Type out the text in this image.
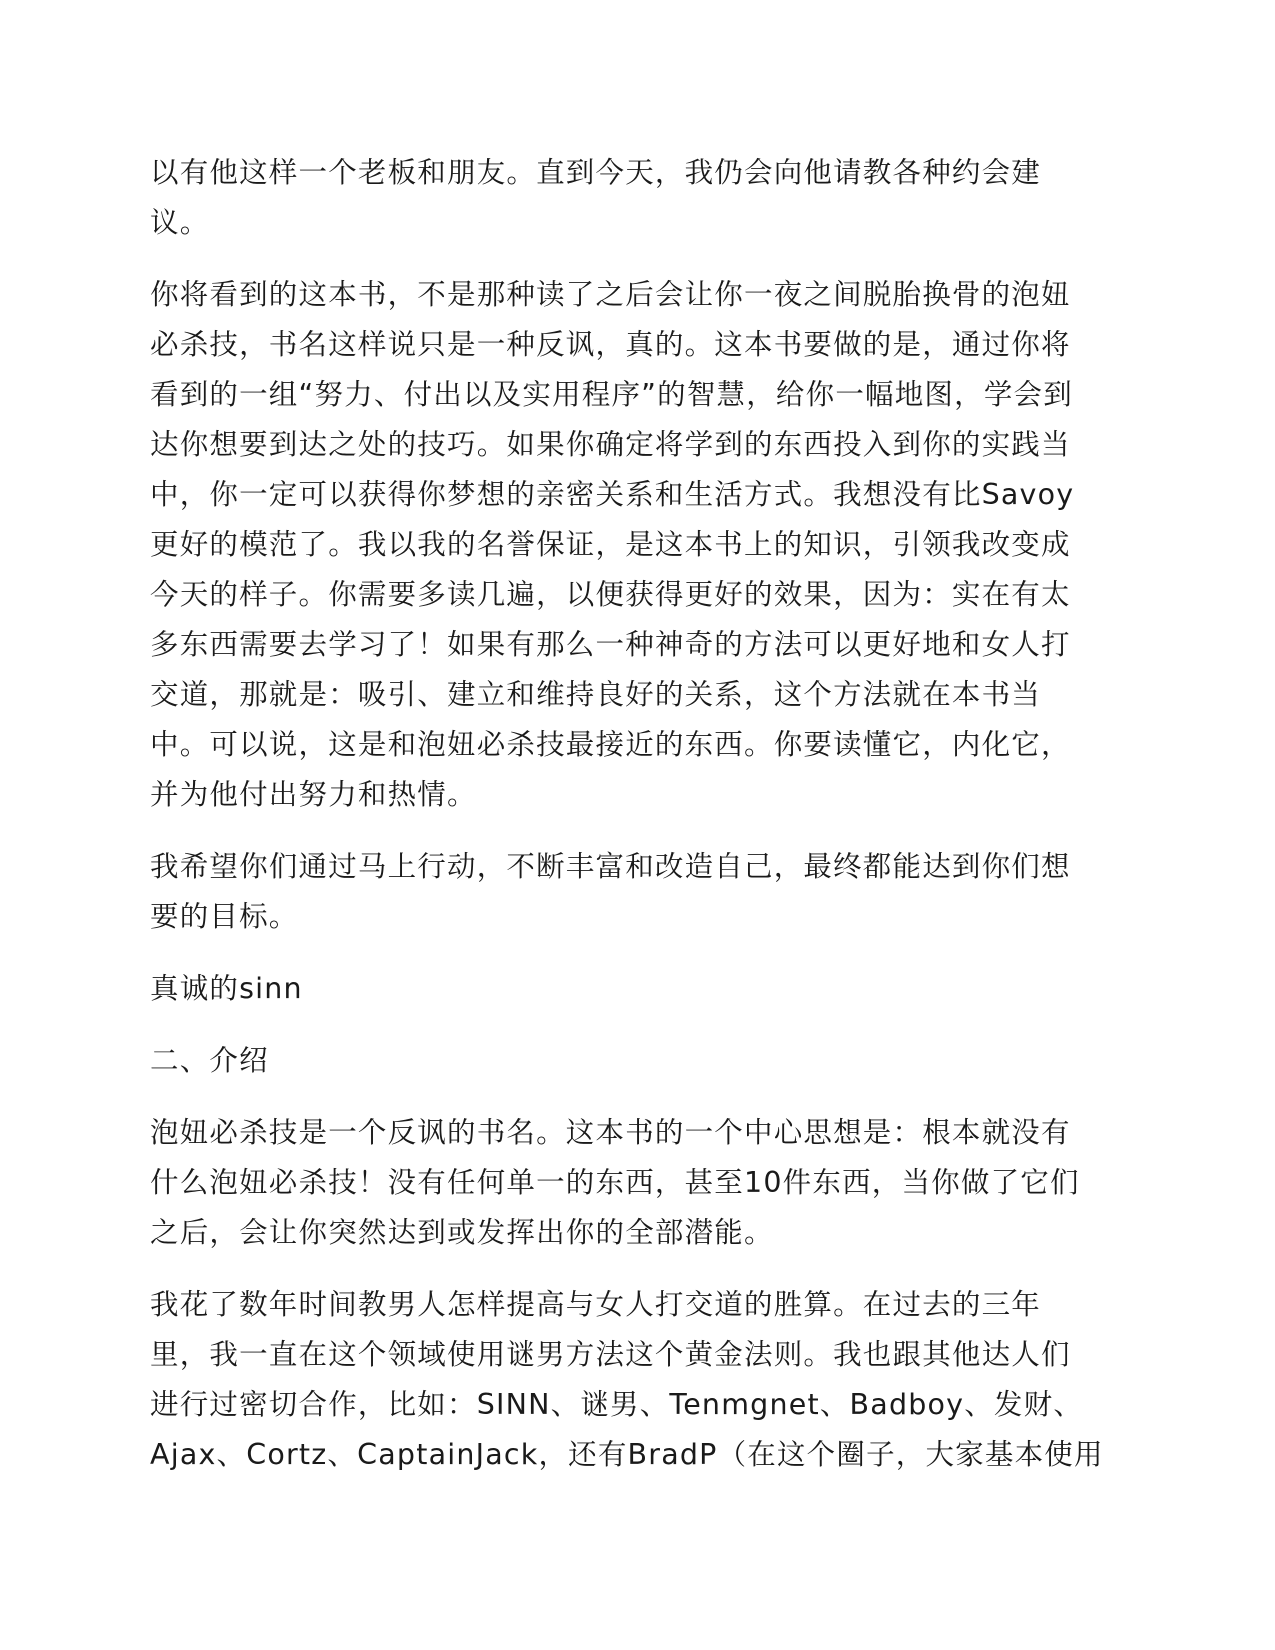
以有他这样一个老板和朋友。直到今天，我仍会向他请教各种约会建
议。

你将看到的这本书，不是那种读了之后会让你一夜之间脱胎换骨的泡妞
必杀技，书名这样说只是一种反讽，真的。这本书要做的是，通过你将
看到的一组“努力、付出以及实用程序”的智慧，给你一幅地图，学会到
达你想要到达之处的技巧。如果你确定将学到的东西投入到你的实践当
中，你一定可以获得你梦想的亲密关系和生活方式。我想没有比Savoy
更好的模范了。我以我的名誉保证，是这本书上的知识，引领我改变成
今天的样子。你需要多读几遍，以便获得更好的效果，因为：实在有太
多东西需要去学习了！如果有那么一种神奇的方法可以更好地和女人打
交道，那就是：吸引、建立和维持良好的关系，这个方法就在本书当
中。可以说，这是和泡妞必杀技最接近的东西。你要读懂它，内化它，
并为他付出努力和热情。

我希望你们通过马上行动，不断丰富和改造自己，最终都能达到你们想
要的目标。

真诚的sinn

二、介绍

泡妞必杀技是一个反讽的书名。这本书的一个中心思想是：根本就没有
什么泡妞必杀技！没有任何单一的东西，甚至10件东西，当你做了它们
之后，会让你突然达到或发挥出你的全部潜能。

我花了数年时间教男人怎样提高与女人打交道的胜算。在过去的三年
里，我一直在这个领域使用谜男方法这个黄金法则。我也跟其他达人们
进行过密切合作，比如：SINN、谜男、Tenmgnet、Badboy、发财、
Ajax、Cortz、CaptainJack，还有BradP（在这个圈子，大家基本使用
